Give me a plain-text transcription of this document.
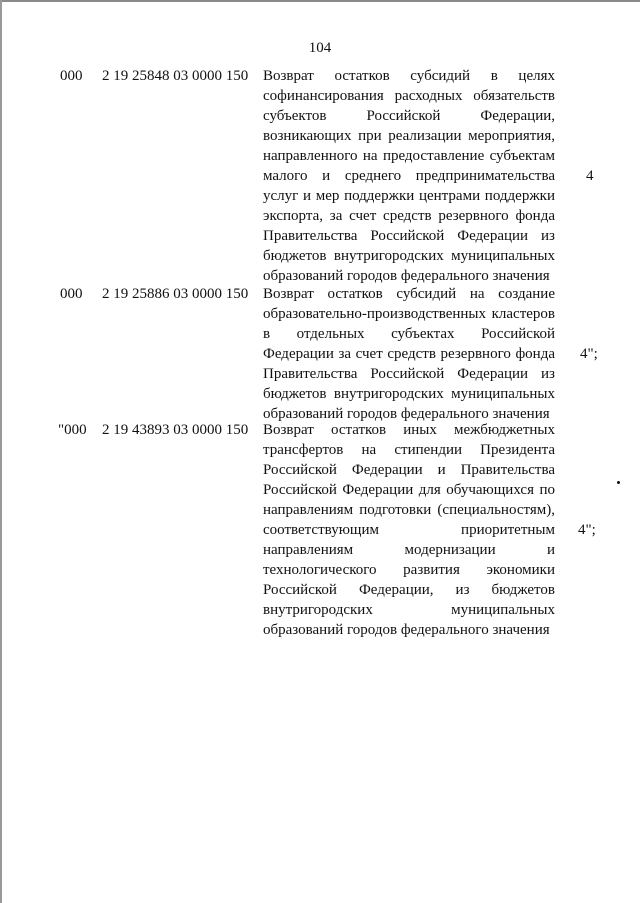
104
000 2 19 25848 03 0000 150 Возврат остатков субсидий в целях
софинансирования расходных обязательств
субъектов Российской Федерации,
возникающих при реализации мероприятия,
направленного на предоставление субъектам
малого и среднего предпринимательства
услуг и мер поддержки центрами поддержки
экспорта, за счет средств резервного фонда
Правительства Российской Федерации из
бюджетов внутригородских муниципальных
образований городов федерального значения
4
000 2 19 25886 03 0000 150 Возврат остатков субсидий на создание
образовательно-производственных кластеров
в отдельных субъектах Российской
Федерации за счет средств резервного фонда
Правительства Российской Федерации из
бюджетов внутригородских муниципальных
образований городов федерального значения
4";
"000 2 19 43893 03 0000 150 Возврат остатков иных межбюджетных
трансфертов на стипендии Президента
Российской Федерации и Правительства
Российской Федерации для обучающихся по
направлениям подготовки (специальностям),
соответствующим приоритетным
направлениям модернизации и
технологического развития экономики
Российской Федерации, из бюджетов
внутригородских муниципальных
образований городов федерального значения
4";
